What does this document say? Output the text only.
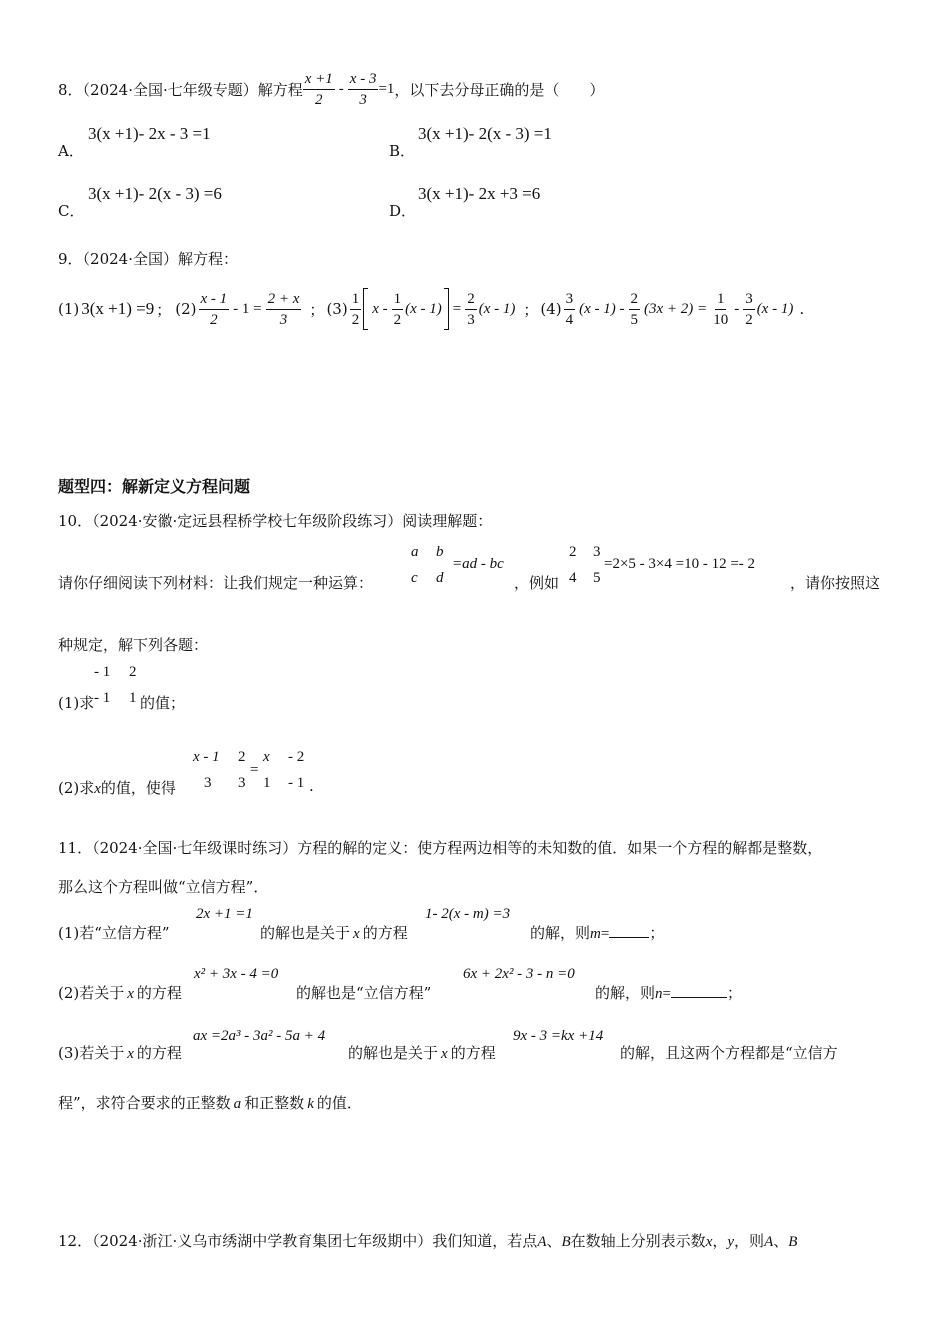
8．（2024·全国·七年级专题）解方程 $\frac{x +1}{2} - \frac{x - 3}{3} =1$ ，以下去分母正确的是（　　）
A．
3(x +1)- 2x - 3 =1
B．
3(x +1)- 2(x - 3) =1
C．
3(x +1)- 2(x - 3) =6
D．
3(x +1)- 2x +3 =6
9．（2024·全国）解方程：
(1) 3(x +1) =9 ； $(2) \frac{x - 1}{2} - 1 = \frac{2 + x}{3}$ ； $(3) \frac{1}{2}$ $x - \frac{1}{2} (x - 1) = \frac{2}{3} (x - 1)$ ； $(4) \frac{3}{4} (x - 1) - \frac{2}{5} (3x + 2) = \frac{1}{10} - \frac{3}{2} (x - 1)$ .
题型四：解新定义方程问题
10．（2024·安徽·定远县程桥学校七年级阶段练习）阅读理解题：
请你仔细阅读下列材料：让我们规定一种运算：
a b
c d
=ad - bc
，例如
2 3
4 5
=2×5 - 3×4 =10 - 12 =- 2
，请你按照这
种规定，解下列各题：
(1)求
- 1 2
- 1 1 的值；
(2)求x的值，使得
x - 1 2
3 3
=
x - 2
1 - 1 .
11．（2024·全国·七年级课时练习）方程的解的定义：使方程两边相等的未知数的值．如果一个方程的解都是整数，
那么这个方程叫做“立信方程”．
(1)若“立信方程”
2x +1 =1
的解也是关于 x 的方程
1- 2(x - m) =3
的解，则m=	；
(2)若关于 x 的方程
x² + 3x - 4 =0
的解也是“立信方程”
6x + 2x² - 3 - n =0
的解，则n=	；
(3)若关于 x 的方程
ax =2a³ - 3a² - 5a + 4
的解也是关于 x 的方程
9x - 3 =kx +14
的解，且这两个方程都是“立信方
程”，求符合要求的正整数 a 和正整数 k 的值．
12．（2024·浙江·义乌市绣湖中学教育集团七年级期中）我们知道，若点A、B在数轴上分别表示数x，y，则A、B
